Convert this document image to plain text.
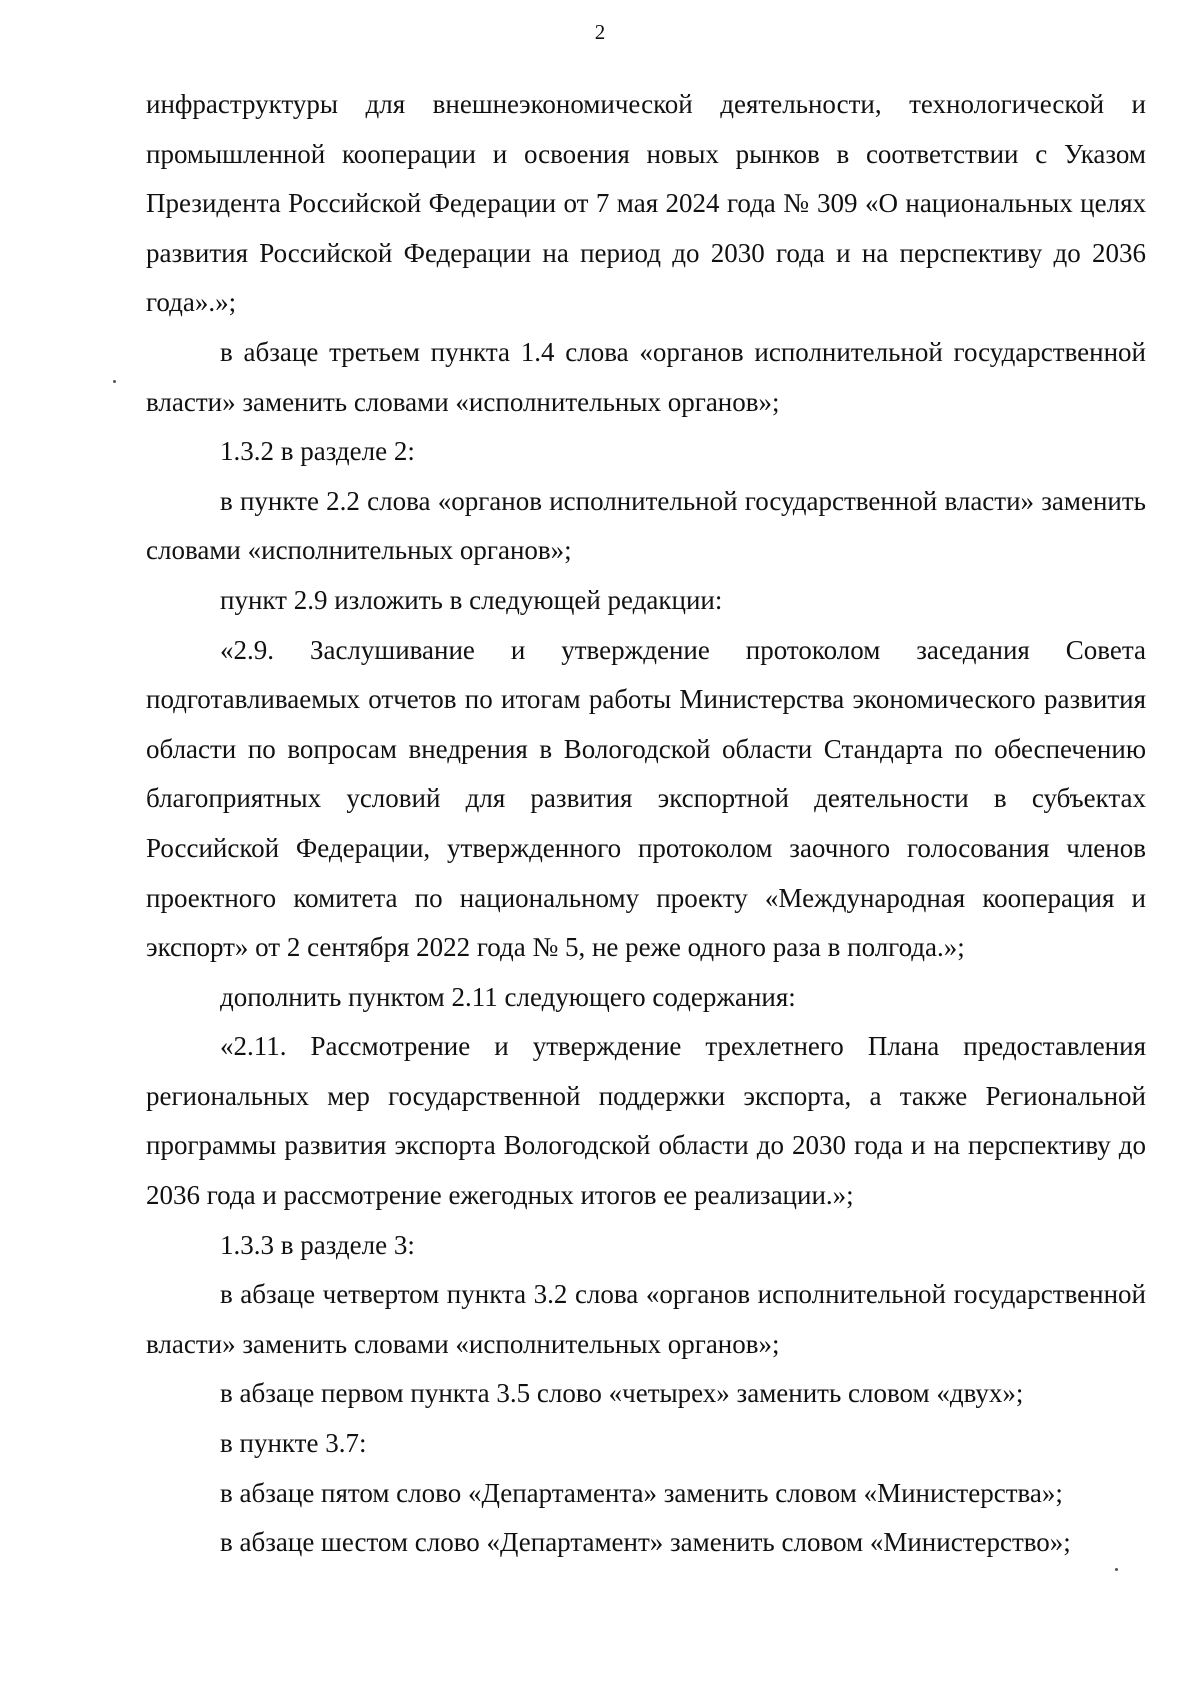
2

инфраструктуры для внешнеэкономической деятельности, технологической и промышленной кооперации и освоения новых рынков в соответствии с Указом Президента Российской Федерации от 7 мая 2024 года № 309 «О национальных целях развития Российской Федерации на период до 2030 года и на перспективу до 2036 года».»;

в абзаце третьем пункта 1.4 слова «органов исполнительной государственной власти» заменить словами «исполнительных органов»;

1.3.2 в разделе 2:

в пункте 2.2 слова «органов исполнительной государственной власти» заменить словами «исполнительных органов»;

пункт 2.9 изложить в следующей редакции:

«2.9. Заслушивание и утверждение протоколом заседания Совета подготавливаемых отчетов по итогам работы Министерства экономического развития области по вопросам внедрения в Вологодской области Стандарта по обеспечению благоприятных условий для развития экспортной деятельности в субъектах Российской Федерации, утвержденного протоколом заочного голосования членов проектного комитета по национальному проекту «Международная кооперация и экспорт» от 2 сентября 2022 года № 5, не реже одного раза в полгода.»;

дополнить пунктом 2.11 следующего содержания:

«2.11. Рассмотрение и утверждение трехлетнего Плана предоставления региональных мер государственной поддержки экспорта, а также Региональной программы развития экспорта Вологодской области до 2030 года и на перспективу до 2036 года и рассмотрение ежегодных итогов ее реализации.»;

1.3.3 в разделе 3:

в абзаце четвертом пункта 3.2 слова «органов исполнительной государственной власти» заменить словами «исполнительных органов»;

в абзаце первом пункта 3.5 слово «четырех» заменить словом «двух»;

в пункте 3.7:

в абзаце пятом слово «Департамента» заменить словом «Министерства»;

в абзаце шестом слово «Департамент» заменить словом «Министерство»;
